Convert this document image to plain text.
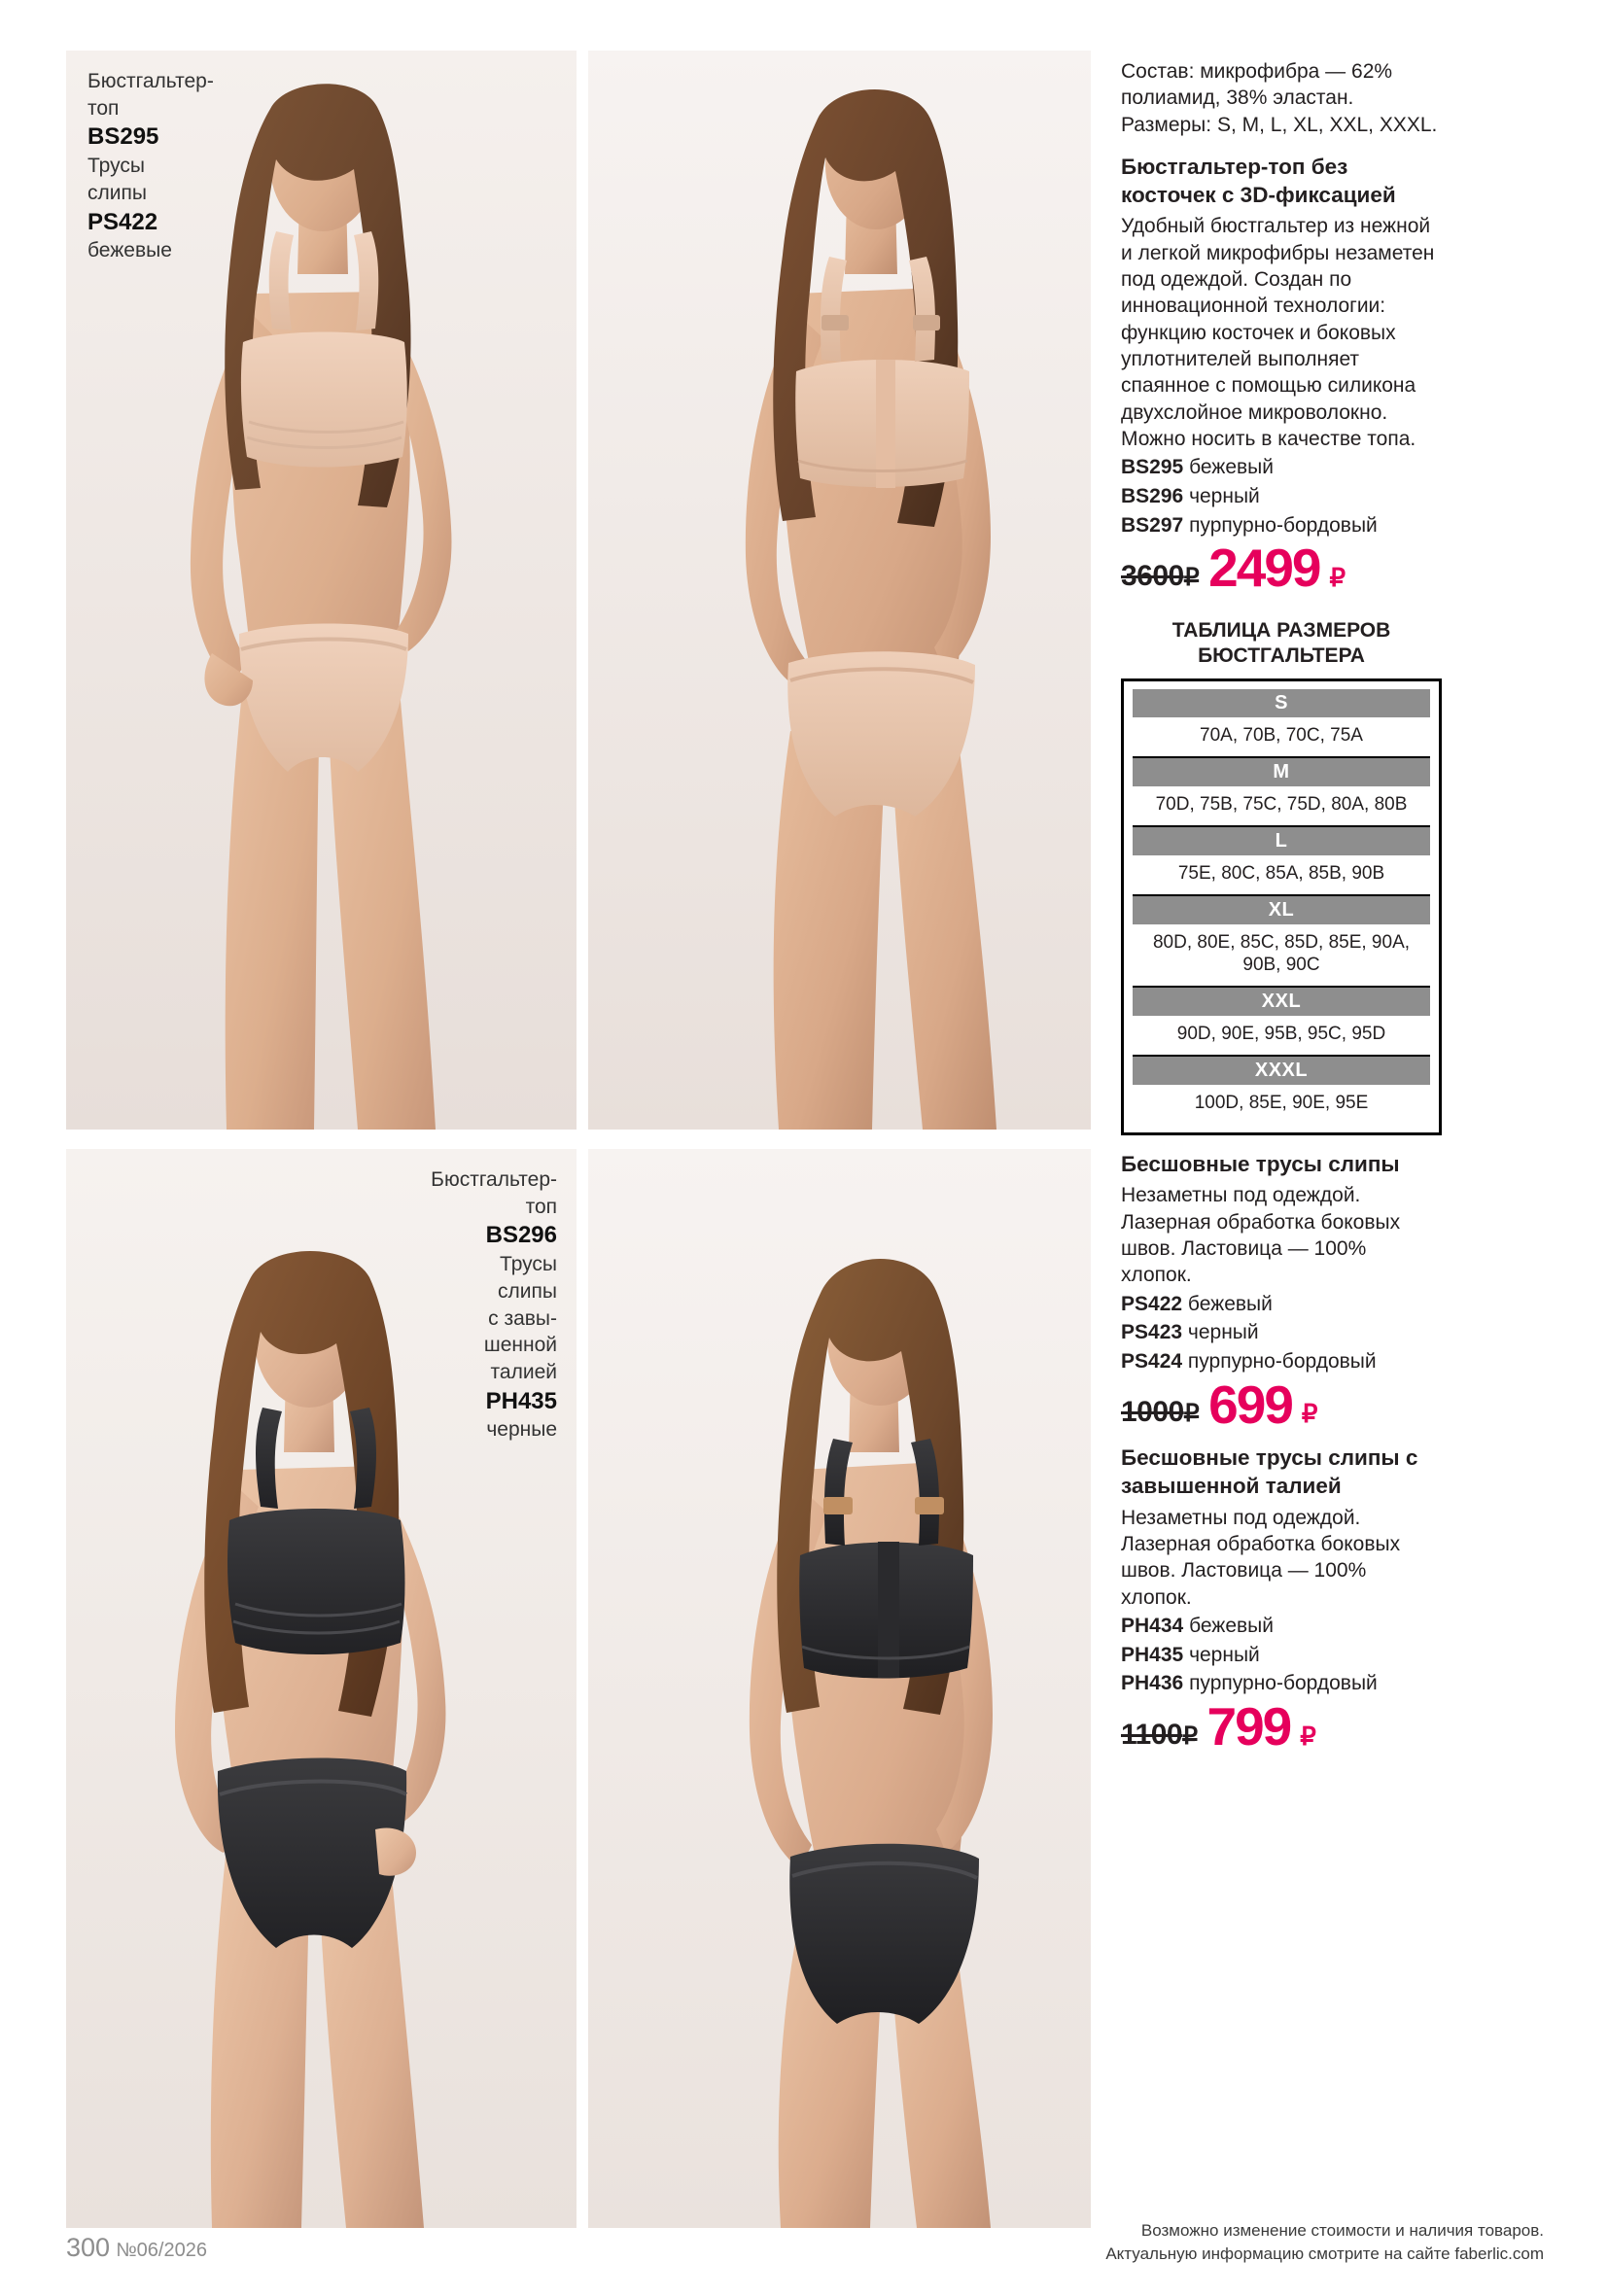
Бюстгальтер-
топ
BS295
Трусы
слипы
PS422
бежевые
Бюстгальтер-
топ
BS296
Трусы
слипы
с завы-
шенной
талией
PH435
черные
Состав: микрофибра — 62% полиамид, 38% эластан. Размеры: S, M, L, XL, XXL, XXXL.
Бюстгальтер-топ без косточек с 3D-фиксацией
Удобный бюстгальтер из нежной и легкой микрофибры незаметен под одеждой. Создан по инновационной технологии: функцию косточек и боковых уплотнителей выполняет спаянное с помощью силикона двухслойное микроволокно. Можно носить в качестве топа.
BS295 бежевый
BS296 черный
BS297 пурпурно-бордовый
3600₽ 2499 ₽
ТАБЛИЦА РАЗМЕРОВ
БЮСТГАЛЬТЕРА
S
70A, 70B, 70C, 75A
M
70D, 75B, 75C, 75D, 80A, 80B
L
75E, 80C, 85A, 85B, 90B
XL
80D, 80E, 85C, 85D, 85E, 90A, 90B, 90C
XXL
90D, 90E, 95B, 95C, 95D
XXXL
100D, 85E, 90E, 95E
Бесшовные трусы слипы
Незаметны под одеждой. Лазерная обработка боковых швов. Ластовица — 100% хлопок.
PS422 бежевый
PS423 черный
PS424 пурпурно-бордовый
1000₽ 699 ₽
Бесшовные трусы слипы с завышенной талией
Незаметны под одеждой. Лазерная обработка боковых швов. Ластовица — 100% хлопок.
PH434 бежевый
PH435 черный
PH436 пурпурно-бордовый
1100₽ 799 ₽
300 №06/2026
Возможно изменение стоимости и наличия товаров.
Актуальную информацию смотрите на сайте faberlic.com
